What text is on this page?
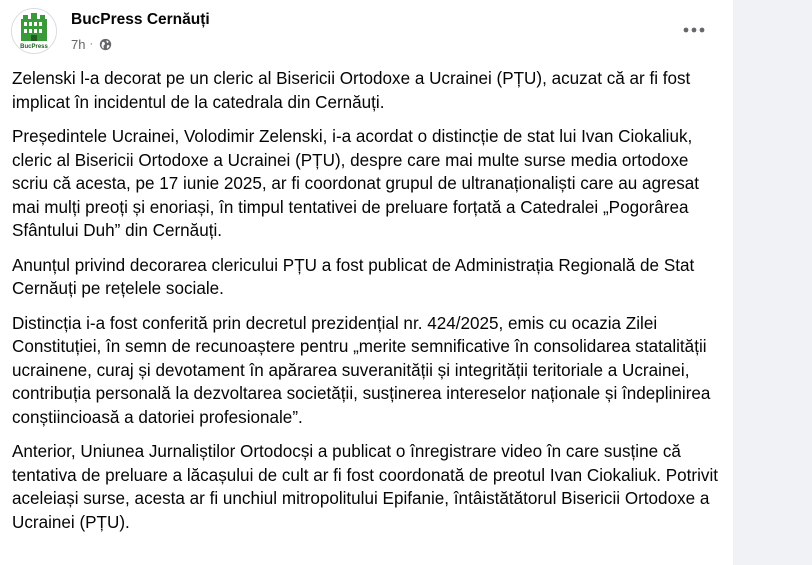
BucPress
BucPress Cernăuți
7h ·

Zelenski l-a decorat pe un cleric al Bisericii Ortodoxe a Ucrainei (PȚU), acuzat că ar fi fost implicat în incidentul de la catedrala din Cernăuți.

Președintele Ucrainei, Volodimir Zelenski, i-a acordat o distincție de stat lui Ivan Ciokaliuk, cleric al Bisericii Ortodoxe a Ucrainei (PȚU), despre care mai multe surse media ortodoxe scriu că acesta, pe 17 iunie 2025, ar fi coordonat grupul de ultranaționaliști care au agresat mai mulți preoți și enoriași, în timpul tentativei de preluare forțată a Catedralei „Pogorârea Sfântului Duh” din Cernăuți.

Anunțul privind decorarea clericului PȚU a fost publicat de Administrația Regională de Stat Cernăuți pe rețelele sociale.

Distincția i-a fost conferită prin decretul prezidențial nr. 424/2025, emis cu ocazia Zilei Constituției, în semn de recunoaștere pentru „merite semnificative în consolidarea statalității ucrainene, curaj și devotament în apărarea suveranității și integrității teritoriale a Ucrainei, contribuția personală la dezvoltarea societății, susținerea intereselor naționale și îndeplinirea conștiincioasă a datoriei profesionale”.

Anterior, Uniunea Jurnaliștilor Ortodocși a publicat o înregistrare video în care susține că tentativa de preluare a lăcașului de cult ar fi fost coordonată de preotul Ivan Ciokaliuk. Potrivit aceleiași surse, acesta ar fi unchiul mitropolitului Epifanie, întâistătătorul Bisericii Ortodoxe a Ucrainei (PȚU).
